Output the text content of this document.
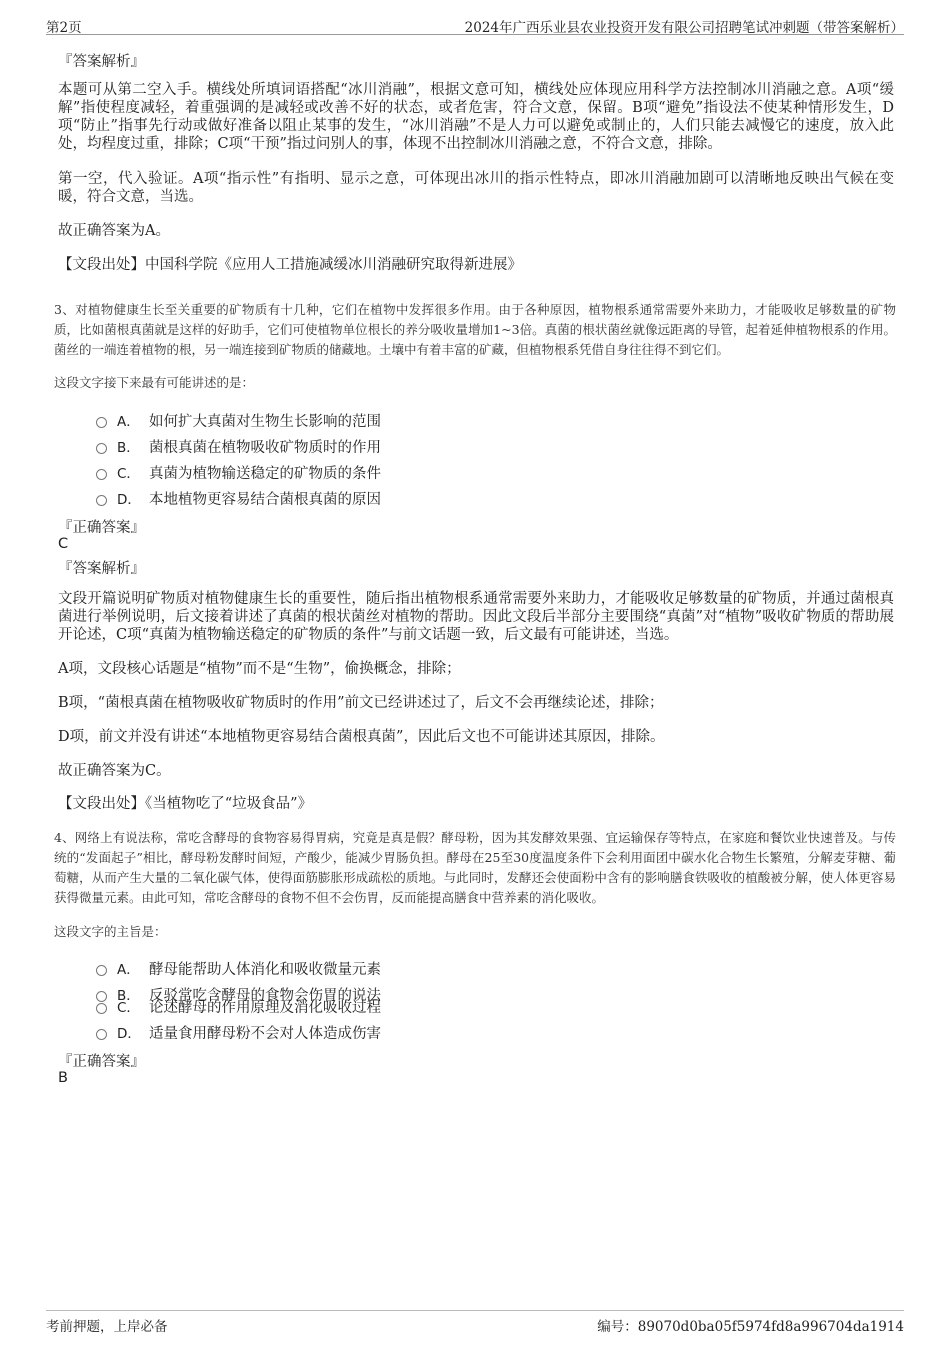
第2页	2024年广西乐业县农业投资开发有限公司招聘笔试冲刺题（带答案解析）
『答案解析』
本题可从第二空入手。横线处所填词语搭配“冰川消融”，根据文意可知，横线处应体现应用科学方法控制冰川消融之意。A项“缓解”指使程度减轻，着重强调的是减轻或改善不好的状态，或者危害，符合文意，保留。B项“避免”指设法不使某种情形发生，D项“防止”指事先行动或做好准备以阻止某事的发生，“冰川消融”不是人力可以避免或制止的，人们只能去减慢它的速度，放入此处，均程度过重，排除；C项“干预”指过问别人的事，体现不出控制冰川消融之意，不符合文意，排除。
第一空，代入验证。A项“指示性”有指明、显示之意，可体现出冰川的指示性特点，即冰川消融加剧可以清晰地反映出气候在变暖，符合文意，当选。
故正确答案为A。
【文段出处】中国科学院《应用人工措施减缓冰川消融研究取得新进展》
3、对植物健康生长至关重要的矿物质有十几种，它们在植物中发挥很多作用。由于各种原因，植物根系通常需要外来助力，才能吸收足够数量的矿物质，比如菌根真菌就是这样的好助手，它们可使植物单位根长的养分吸收量增加1~3倍。真菌的根状菌丝就像远距离的导管，起着延伸植物根系的作用。菌丝的一端连着植物的根，另一端连接到矿物质的储藏地。土壤中有着丰富的矿藏，但植物根系凭借自身往往得不到它们。
这段文字接下来最有可能讲述的是：
A． 如何扩大真菌对生物生长影响的范围
B． 菌根真菌在植物吸收矿物质时的作用
C． 真菌为植物输送稳定的矿物质的条件
D． 本地植物更容易结合菌根真菌的原因
『正确答案』
C
『答案解析』
文段开篇说明矿物质对植物健康生长的重要性，随后指出植物根系通常需要外来助力，才能吸收足够数量的矿物质，并通过菌根真菌进行举例说明，后文接着讲述了真菌的根状菌丝对植物的帮助。因此文段后半部分主要围绕“真菌”对“植物”吸收矿物质的帮助展开论述，C项“真菌为植物输送稳定的矿物质的条件”与前文话题一致，后文最有可能讲述，当选。
A项，文段核心话题是“植物”而不是“生物”，偷换概念，排除；
B项，“菌根真菌在植物吸收矿物质时的作用”前文已经讲述过了，后文不会再继续论述，排除；
D项，前文并没有讲述“本地植物更容易结合菌根真菌”，因此后文也不可能讲述其原因，排除。
故正确答案为C。
【文段出处】《当植物吃了“垃圾食品”》
4、网络上有说法称，常吃含酵母的食物容易得胃病，究竟是真是假？酵母粉，因为其发酵效果强、宜运输保存等特点，在家庭和餐饮业快速普及。与传统的“发面起子”相比，酵母粉发酵时间短，产酸少，能减少胃肠负担。酵母在25至30度温度条件下会利用面团中碳水化合物生长繁殖，分解麦芽糖、葡萄糖，从而产生大量的二氧化碳气体，使得面筋膨胀形成疏松的质地。与此同时，发酵还会使面粉中含有的影响膳食铁吸收的植酸被分解，使人体更容易获得微量元素。由此可知，常吃含酵母的食物不但不会伤胃，反而能提高膳食中营养素的消化吸收。
这段文字的主旨是：
A． 酵母能帮助人体消化和吸收微量元素
B． 反驳常吃含酵母的食物会伤胃的说法
C． 论述酵母的作用原理及消化吸收过程
D． 适量食用酵母粉不会对人体造成伤害
『正确答案』
B
考前押题，上岸必备	编号：89070d0ba05f5974fd8a996704da1914
